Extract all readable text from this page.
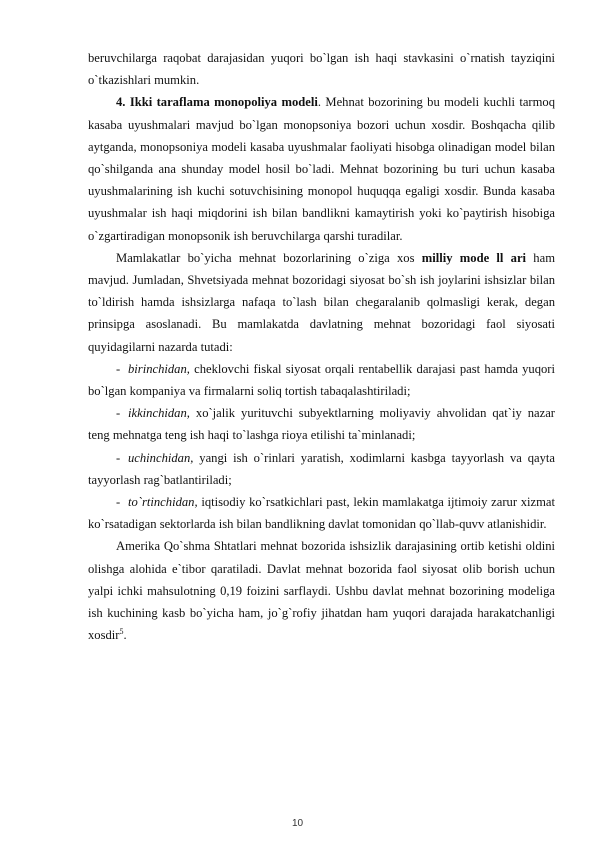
beruvchilarga raqobat darajasidan yuqori bo`lgan ish haqi stavkasini o`rnatish tayziqini o`tkazishlari mumkin.

4. Ikki taraflama monopoliya modeli. Mehnat bozorining bu modeli kuchli tarmoq kasaba uyushmalari mavjud bo`lgan monopsoniya bozori uchun xosdir. Boshqacha qilib aytganda, monopsoniya modeli kasaba uyushmalar faoliyati hisobga olinadigan model bilan qo`shilganda ana shunday model hosil bo`ladi. Mehnat bozorining bu turi uchun kasaba uyushmalarining ish kuchi sotuvchisining monopol huquqqa egaligi xosdir. Bunda kasaba uyushmalar ish haqi miqdorini ish bilan bandlikni kamaytirish yoki ko`paytirish hisobiga o`zgartiradigan monopsonik ish beruvchilarga qarshi turadilar.

Mamlakatlar bo`yicha mehnat bozorlarining o`ziga xos milliy mode ll ari ham mavjud. Jumladan, Shvetsiyada mehnat bozoridagi siyosat bo`sh ish joylarini ishsizlar bilan to`ldirish hamda ishsizlarga nafaqa to`lash bilan chegaralanib qolmasligi kerak, degan prinsipga asoslanadi. Bu mamlakatda davlatning mehnat bozoridagi faol siyosati quyidagilarni nazarda tutadi:

- birinchidan, cheklovchi fiskal siyosat orqali rentabellik darajasi past hamda yuqori bo`lgan kompaniya va firmalarni soliq tortish tabaqalashtiriladi;

- ikkinchidan, xo`jalik yurituvchi subyektlarning moliyaviy ahvolidan qat`iy nazar teng mehnatga teng ish haqi to`lashga rioya etilishi ta`minlanadi;

- uchinchidan, yangi ish o`rinlari yaratish, xodimlarni kasbga tayyorlash va qayta tayyorlash rag`batlantiriladi;

- to`rtinchidan, iqtisodiy ko`rsatkichlari past, lekin mamlakatga ijtimoiy zarur xizmat ko`rsatadigan sektorlarda ish bilan bandlikning davlat tomonidan qo`llab-quvv atlanishidir.

Amerika Qo`shma Shtatlari mehnat bozorida ishsizlik darajasining ortib ketishi oldini olishga alohida e`tibor qaratiladi. Davlat mehnat bozorida faol siyosat olib borish uchun yalpi ichki mahsulotning 0,19 foizini sarflaydi. Ushbu davlat mehnat bozorining modeliga ish kuchining kasb bo`yicha ham, jo`g`rofiy jihatdan ham yuqori darajada harakatchanligi xosdir$^5$.

10
